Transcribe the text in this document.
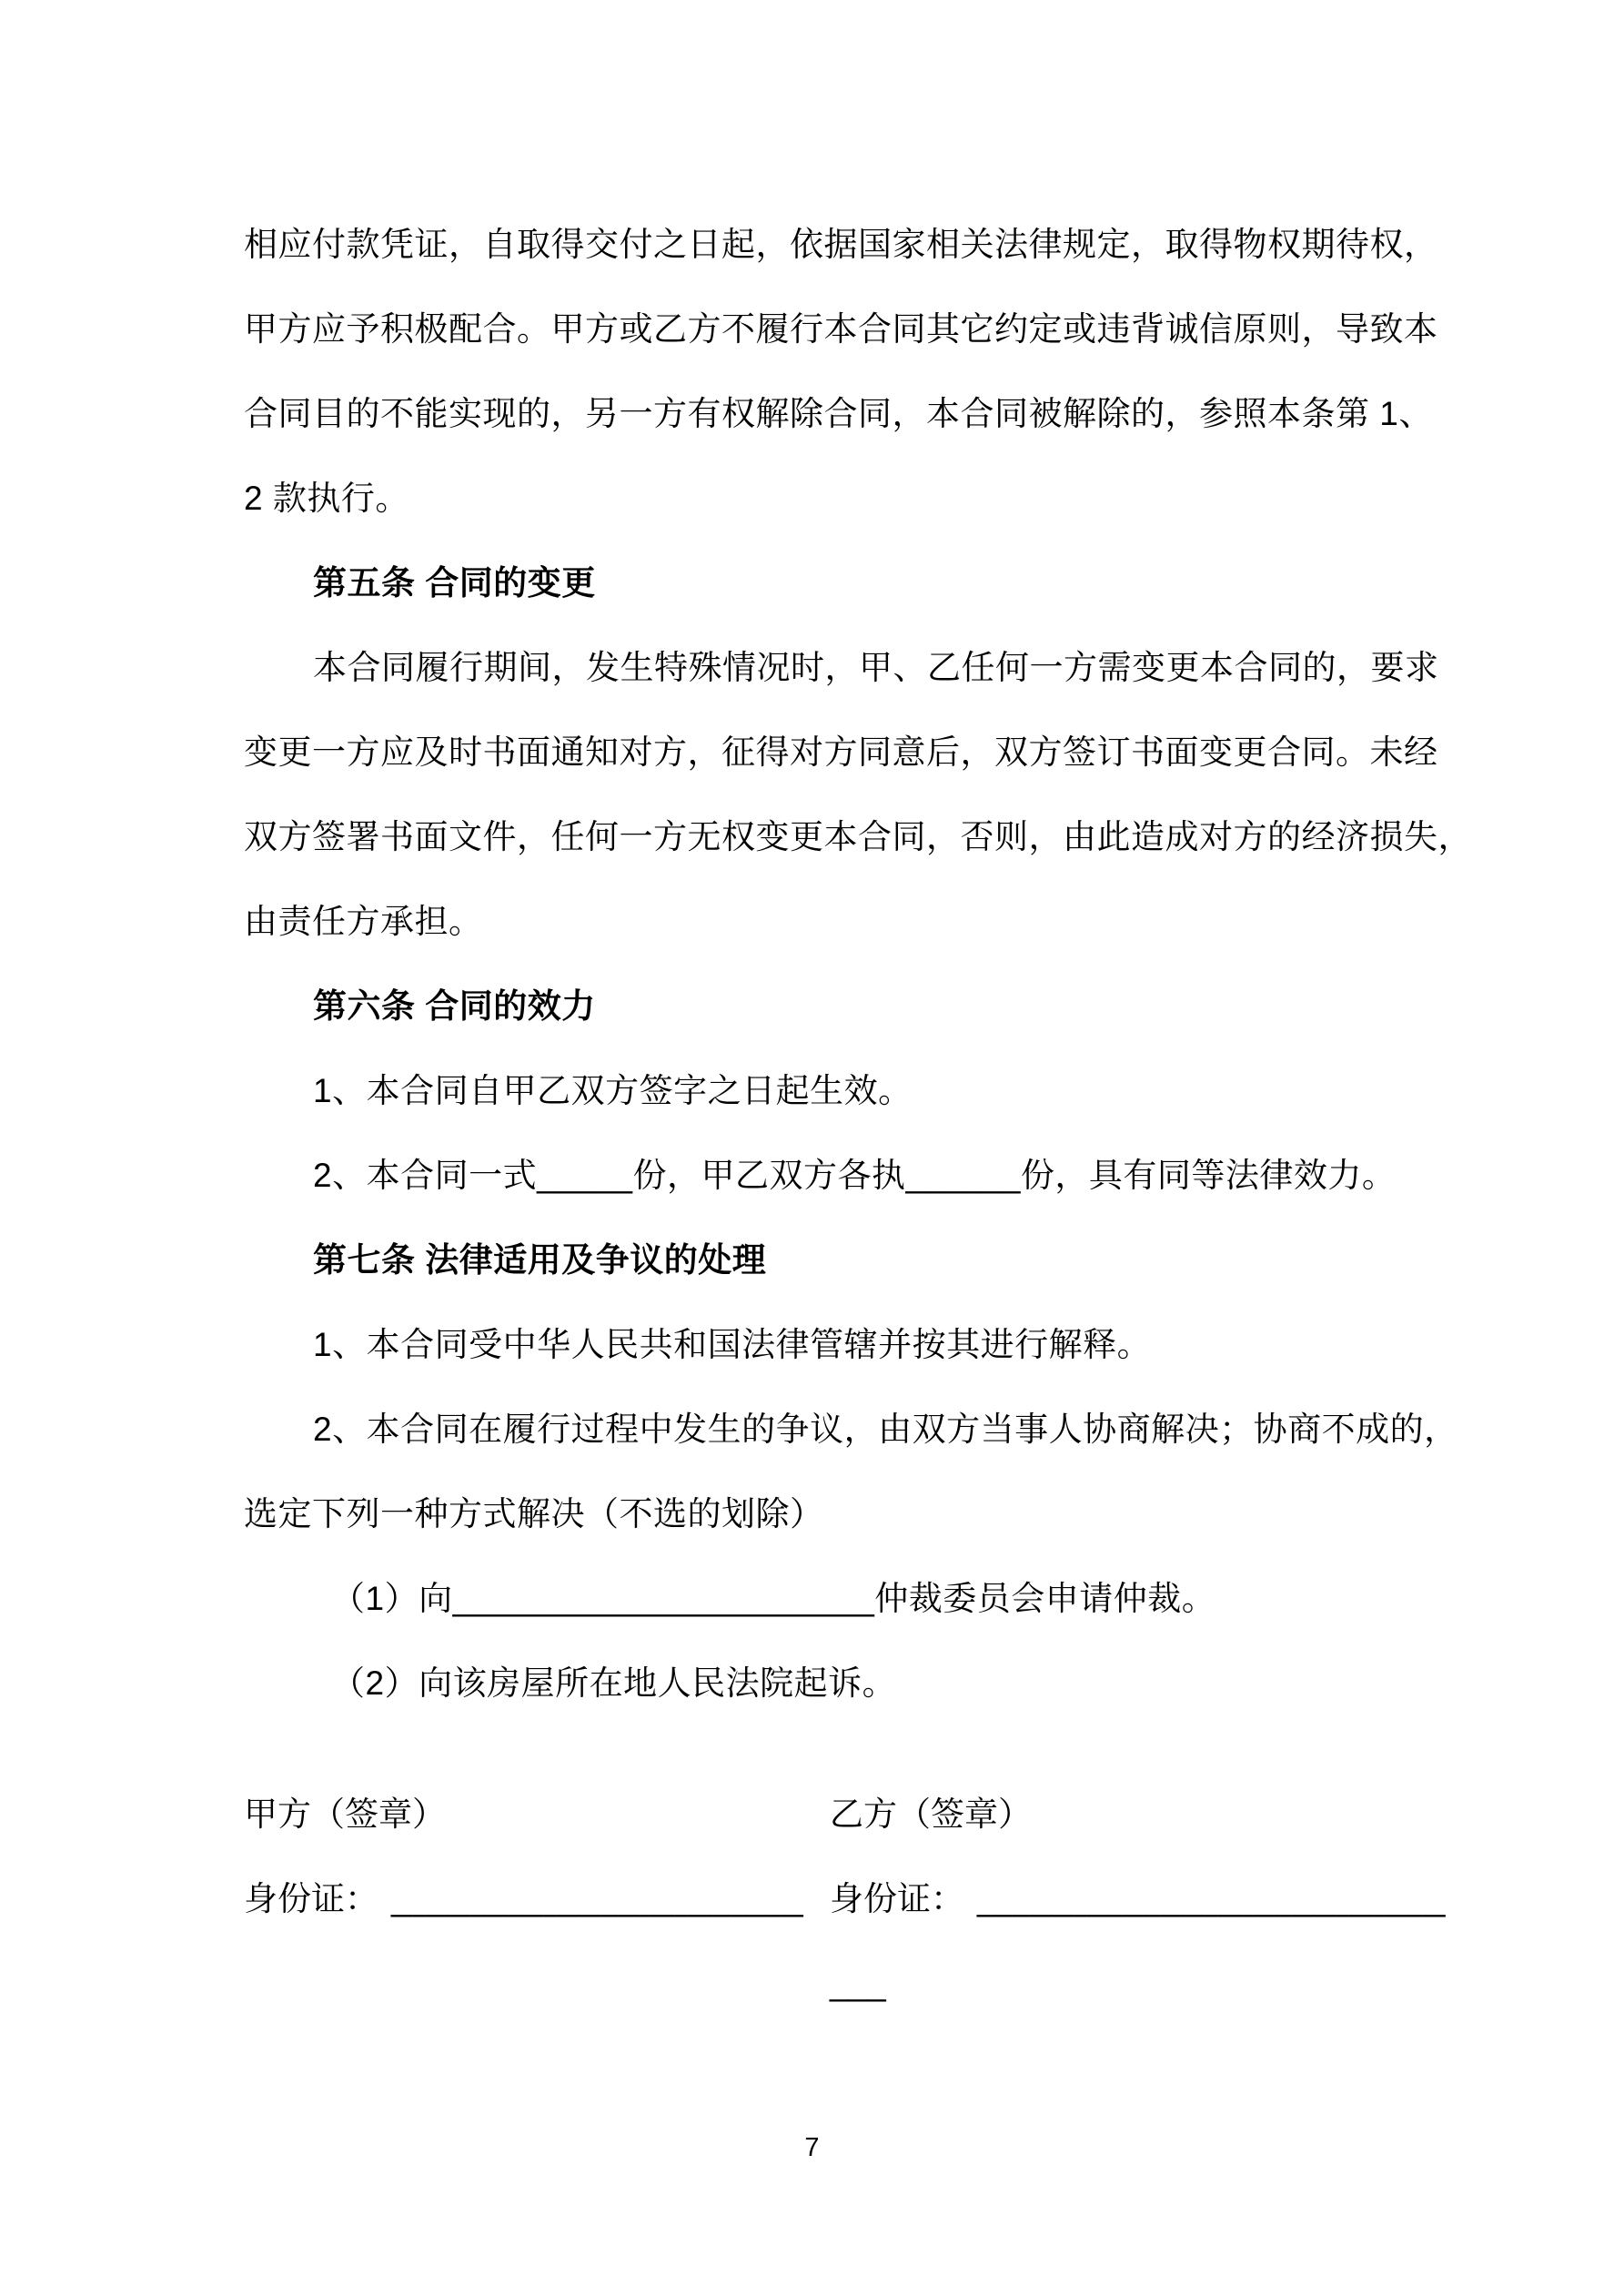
相应付款凭证，自取得交付之日起，依据国家相关法律规定，取得物权期待权，

甲方应予积极配合。甲方或乙方不履行本合同其它约定或违背诚信原则，导致本

合同目的不能实现的，另一方有权解除合同，本合同被解除的，参照本条第 1、

2 款执行。

第五条 合同的变更

本合同履行期间，发生特殊情况时，甲、乙任何一方需变更本合同的，要求

变更一方应及时书面通知对方，征得对方同意后，双方签订书面变更合同。未经

双方签署书面文件，任何一方无权变更本合同，否则，由此造成对方的经济损失，

由责任方承担。

第六条 合同的效力

1、本合同自甲乙双方签字之日起生效。

2、本合同一式_____份，甲乙双方各执______份，具有同等法律效力。

第七条 法律适用及争议的处理

1、本合同受中华人民共和国法律管辖并按其进行解释。

2、本合同在履行过程中发生的争议，由双方当事人协商解决；协商不成的，

选定下列一种方式解决（不选的划除）

（1）向______________________仲裁委员会申请仲裁。

（2）向该房屋所在地人民法院起诉。

甲方（签章）	乙方（签章）
身份证： ______________________ 身份证： _________________________
___
7
